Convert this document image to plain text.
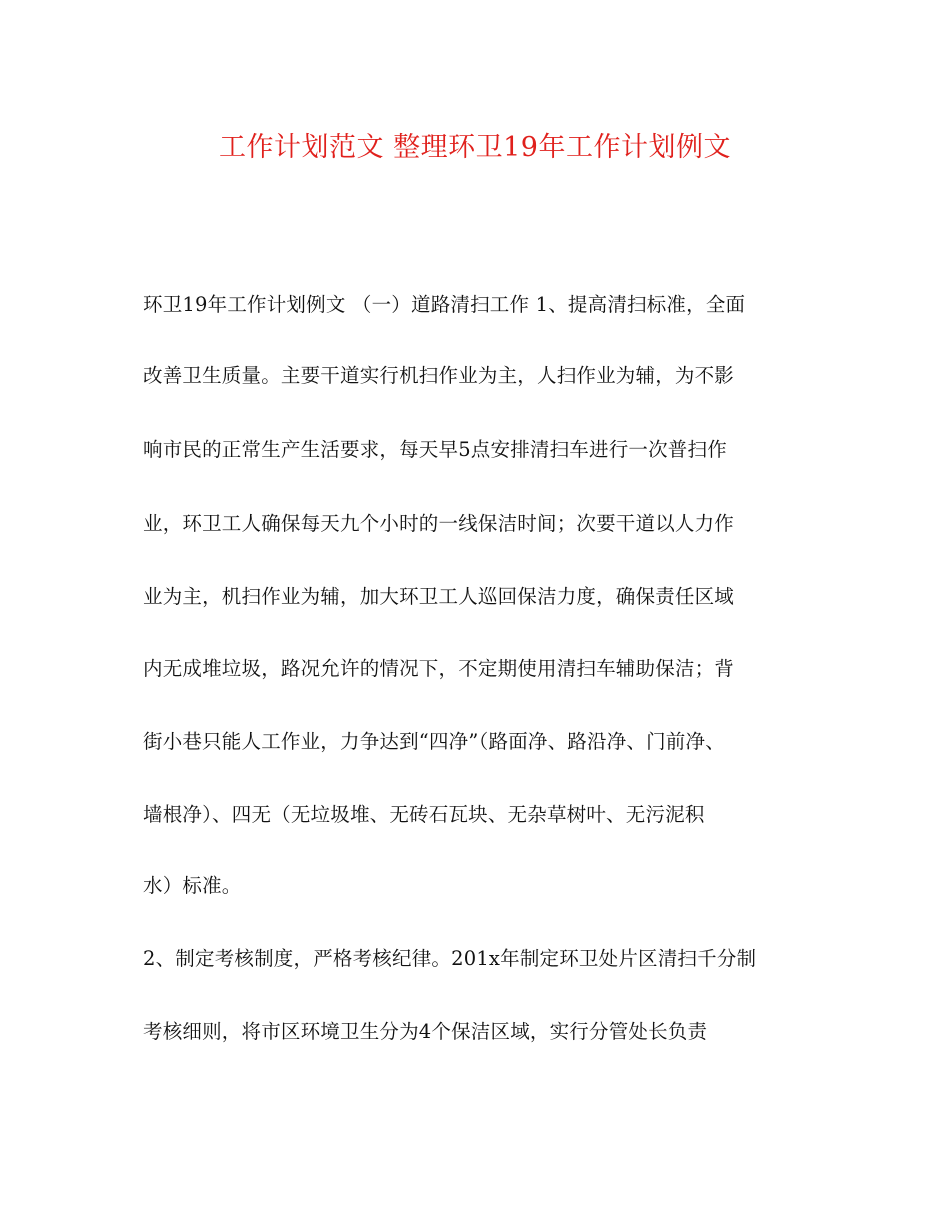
工作计划范文 整理环卫19年工作计划例文
环卫19年工作计划例文 （一）道路清扫工作 1、提高清扫标准，全面
改善卫生质量。主要干道实行机扫作业为主，人扫作业为辅，为不影
响市民的正常生产生活要求，每天早5点安排清扫车进行一次普扫作
业，环卫工人确保每天九个小时的一线保洁时间；次要干道以人力作
业为主，机扫作业为辅，加大环卫工人巡回保洁力度，确保责任区域
内无成堆垃圾，路况允许的情况下，不定期使用清扫车辅助保洁；背
街小巷只能人工作业，力争达到“四净”（路面净、路沿净、门前净、
墙根净）、四无（无垃圾堆、无砖石瓦块、无杂草树叶、无污泥积
水）标准。
2、制定考核制度，严格考核纪律。201x年制定环卫处片区清扫千分制
考核细则，将市区环境卫生分为4个保洁区域，实行分管处长负责
